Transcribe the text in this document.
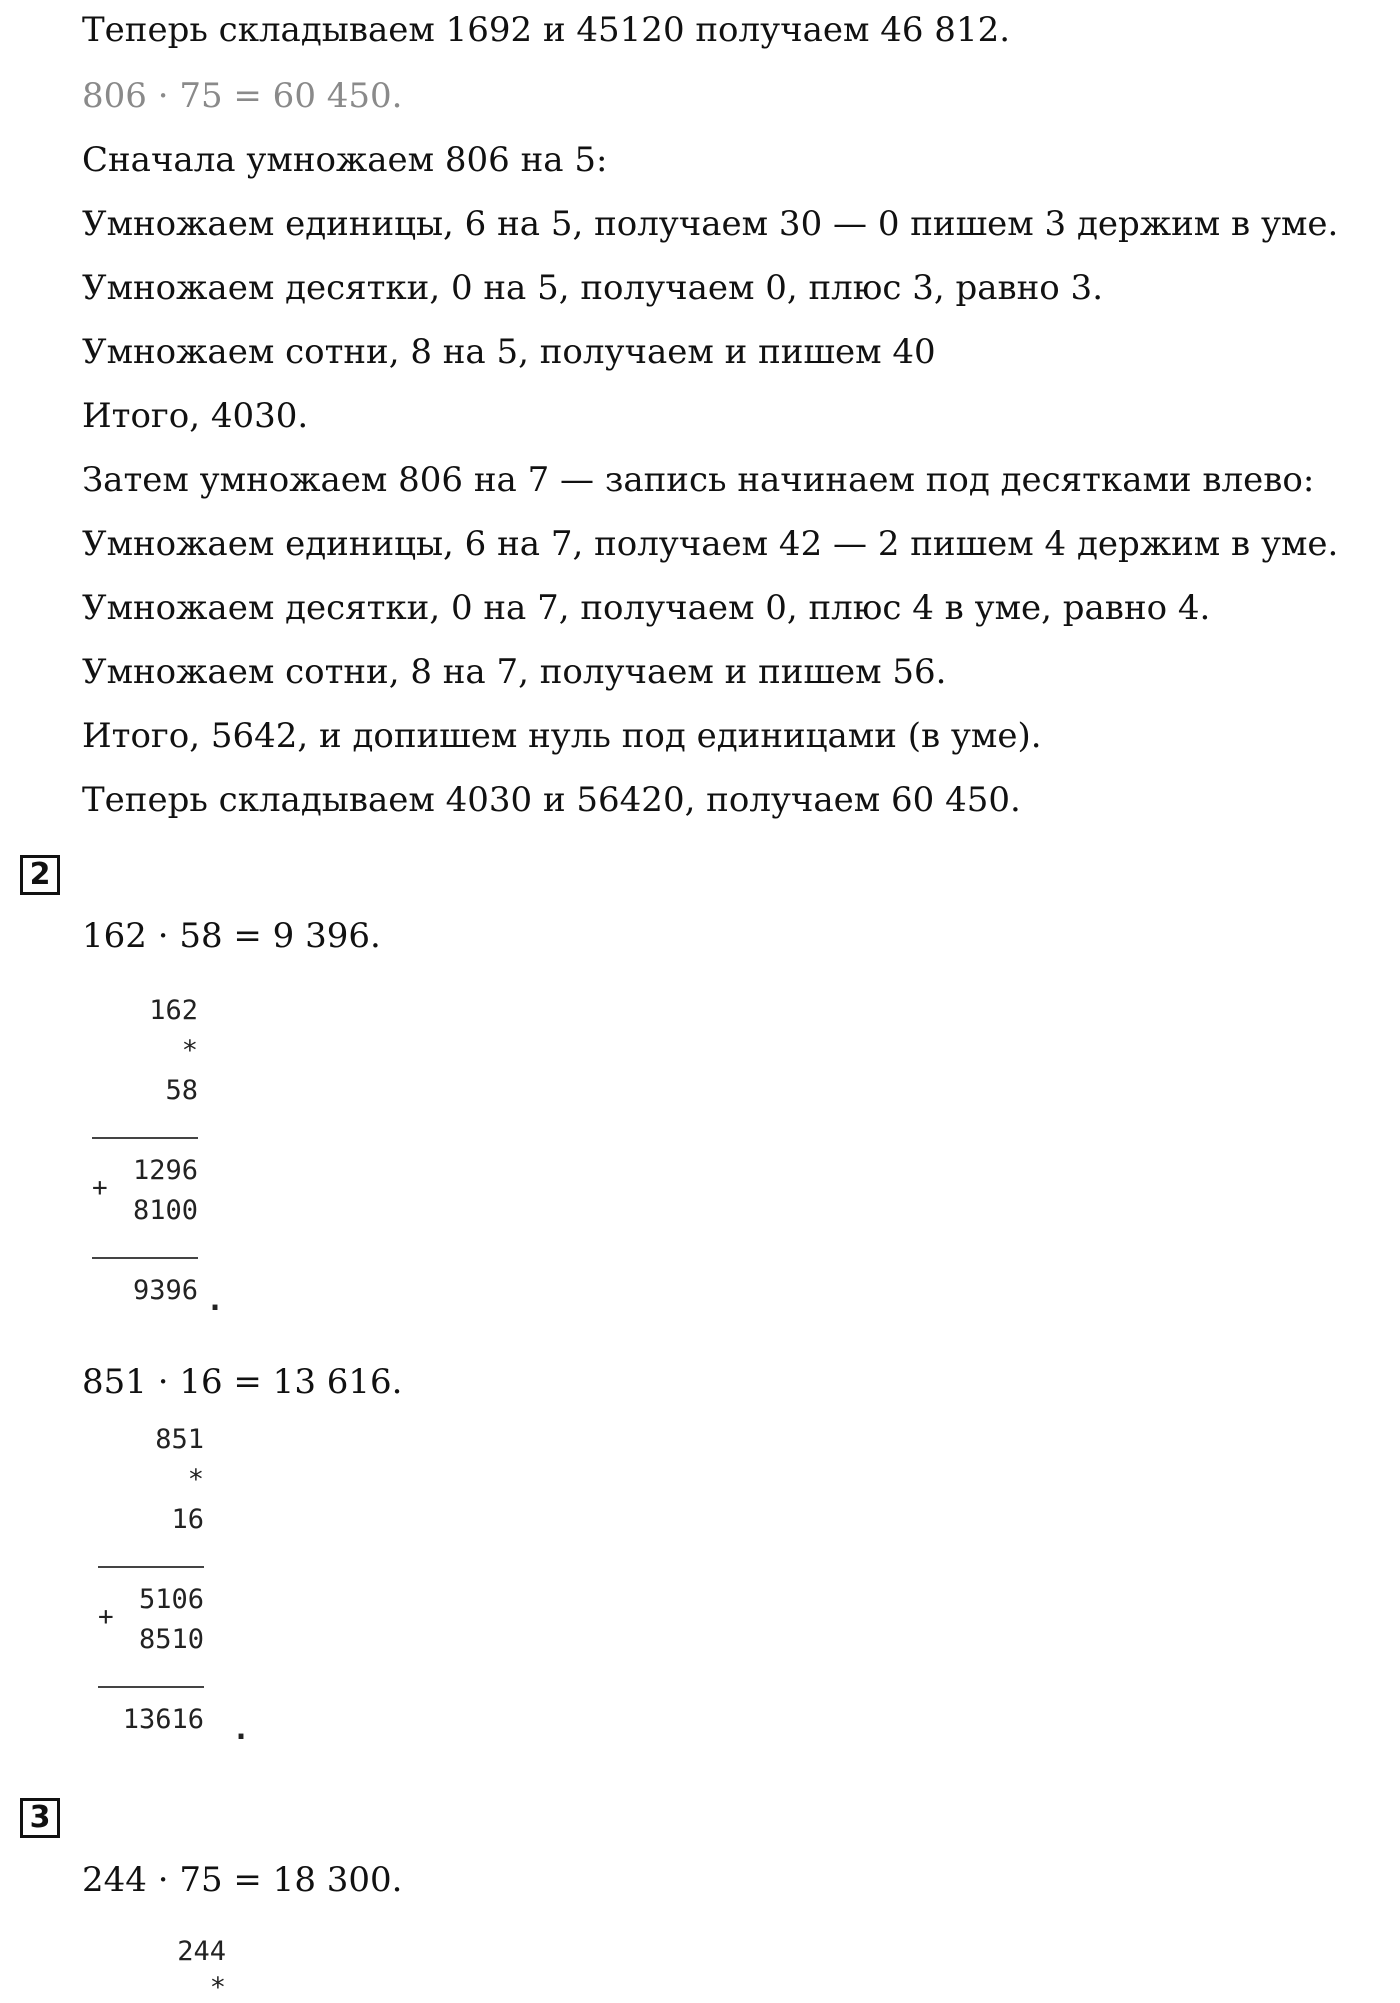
Теперь складываем 1692 и 45120 получаем 46 812.
806 · 75 = 60 450.
Сначала умножаем 806 на 5:
Умножаем единицы, 6 на 5, получаем 30 — 0 пишем 3 держим в уме.
Умножаем десятки, 0 на 5, получаем 0, плюс 3, равно 3.
Умножаем сотни, 8 на 5, получаем и пишем 40
Итого, 4030.
Затем умножаем 806 на 7 — запись начинаем под десятками влево:
Умножаем единицы, 6 на 7, получаем 42 — 2 пишем 4 держим в уме.
Умножаем десятки, 0 на 7, получаем 0, плюс 4 в уме, равно 4.
Умножаем сотни, 8 на 7, получаем и пишем 56.
Итого, 5642, и допишем нуль под единицами (в уме).
Теперь складываем 4030 и 56420, получаем 60 450.
2
162 · 58 = 9 396.
162
*
58
1296
+
8100
9396 .
851 · 16 = 13 616.
851
*
16
5106
+
8510
13616 .
3
244 · 75 = 18 300.
244
*
